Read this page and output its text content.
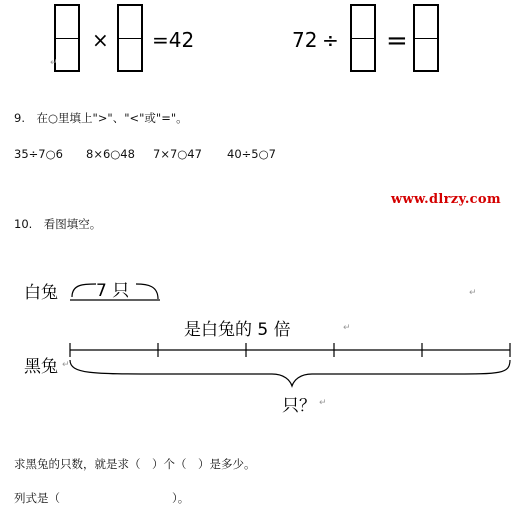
× =42	72 ÷ =
9.　在○里填上">"、"<"或"="。
35÷7○6 8×6○48 7×7○47 40÷5○7
www.dlrzy.com
10.　看图填空。
白兔 7 只
是白兔的 5 倍
黑兔
只？
↵
↵
↵
↵
↵
求黑兔的只数，就是求（　）个（　）是多少。
列式是（	）。
